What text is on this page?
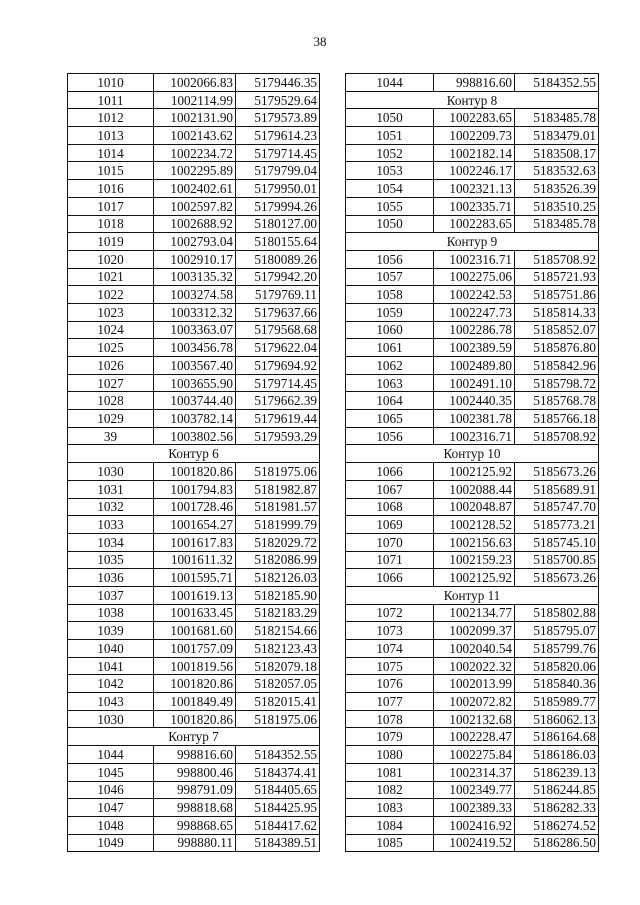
38
1010	1002066.83	5179446.35
1011	1002114.99	5179529.64
1012	1002131.90	5179573.89
1013	1002143.62	5179614.23
1014	1002234.72	5179714.45
1015	1002295.89	5179799.04
1016	1002402.61	5179950.01
1017	1002597.82	5179994.26
1018	1002688.92	5180127.00
1019	1002793.04	5180155.64
1020	1002910.17	5180089.26
1021	1003135.32	5179942.20
1022	1003274.58	5179769.11
1023	1003312.32	5179637.66
1024	1003363.07	5179568.68
1025	1003456.78	5179622.04
1026	1003567.40	5179694.92
1027	1003655.90	5179714.45
1028	1003744.40	5179662.39
1029	1003782.14	5179619.44
39	1003802.56	5179593.29
Контур 6		
1030	1001820.86	5181975.06
1031	1001794.83	5181982.87
1032	1001728.46	5181981.57
1033	1001654.27	5181999.79
1034	1001617.83	5182029.72
1035	1001611.32	5182086.99
1036	1001595.71	5182126.03
1037	1001619.13	5182185.90
1038	1001633.45	5182183.29
1039	1001681.60	5182154.66
1040	1001757.09	5182123.43
1041	1001819.56	5182079.18
1042	1001820.86	5182057.05
1043	1001849.49	5182015.41
1030	1001820.86	5181975.06
Контур 7		
1044	998816.60	5184352.55
1045	998800.46	5184374.41
1046	998791.09	5184405.65
1047	998818.68	5184425.95
1048	998868.65	5184417.62
1049	998880.11	5184389.51
1044	998816.60	5184352.55
Контур 8		
1050	1002283.65	5183485.78
1051	1002209.73	5183479.01
1052	1002182.14	5183508.17
1053	1002246.17	5183532.63
1054	1002321.13	5183526.39
1055	1002335.71	5183510.25
1050	1002283.65	5183485.78
Контур 9		
1056	1002316.71	5185708.92
1057	1002275.06	5185721.93
1058	1002242.53	5185751.86
1059	1002247.73	5185814.33
1060	1002286.78	5185852.07
1061	1002389.59	5185876.80
1062	1002489.80	5185842.96
1063	1002491.10	5185798.72
1064	1002440.35	5185768.78
1065	1002381.78	5185766.18
1056	1002316.71	5185708.92
Контур 10		
1066	1002125.92	5185673.26
1067	1002088.44	5185689.91
1068	1002048.87	5185747.70
1069	1002128.52	5185773.21
1070	1002156.63	5185745.10
1071	1002159.23	5185700.85
1066	1002125.92	5185673.26
Контур 11		
1072	1002134.77	5185802.88
1073	1002099.37	5185795.07
1074	1002040.54	5185799.76
1075	1002022.32	5185820.06
1076	1002013.99	5185840.36
1077	1002072.82	5185989.77
1078	1002132.68	5186062.13
1079	1002228.47	5186164.68
1080	1002275.84	5186186.03
1081	1002314.37	5186239.13
1082	1002349.77	5186244.85
1083	1002389.33	5186282.33
1084	1002416.92	5186274.52
1085	1002419.52	5186286.50
